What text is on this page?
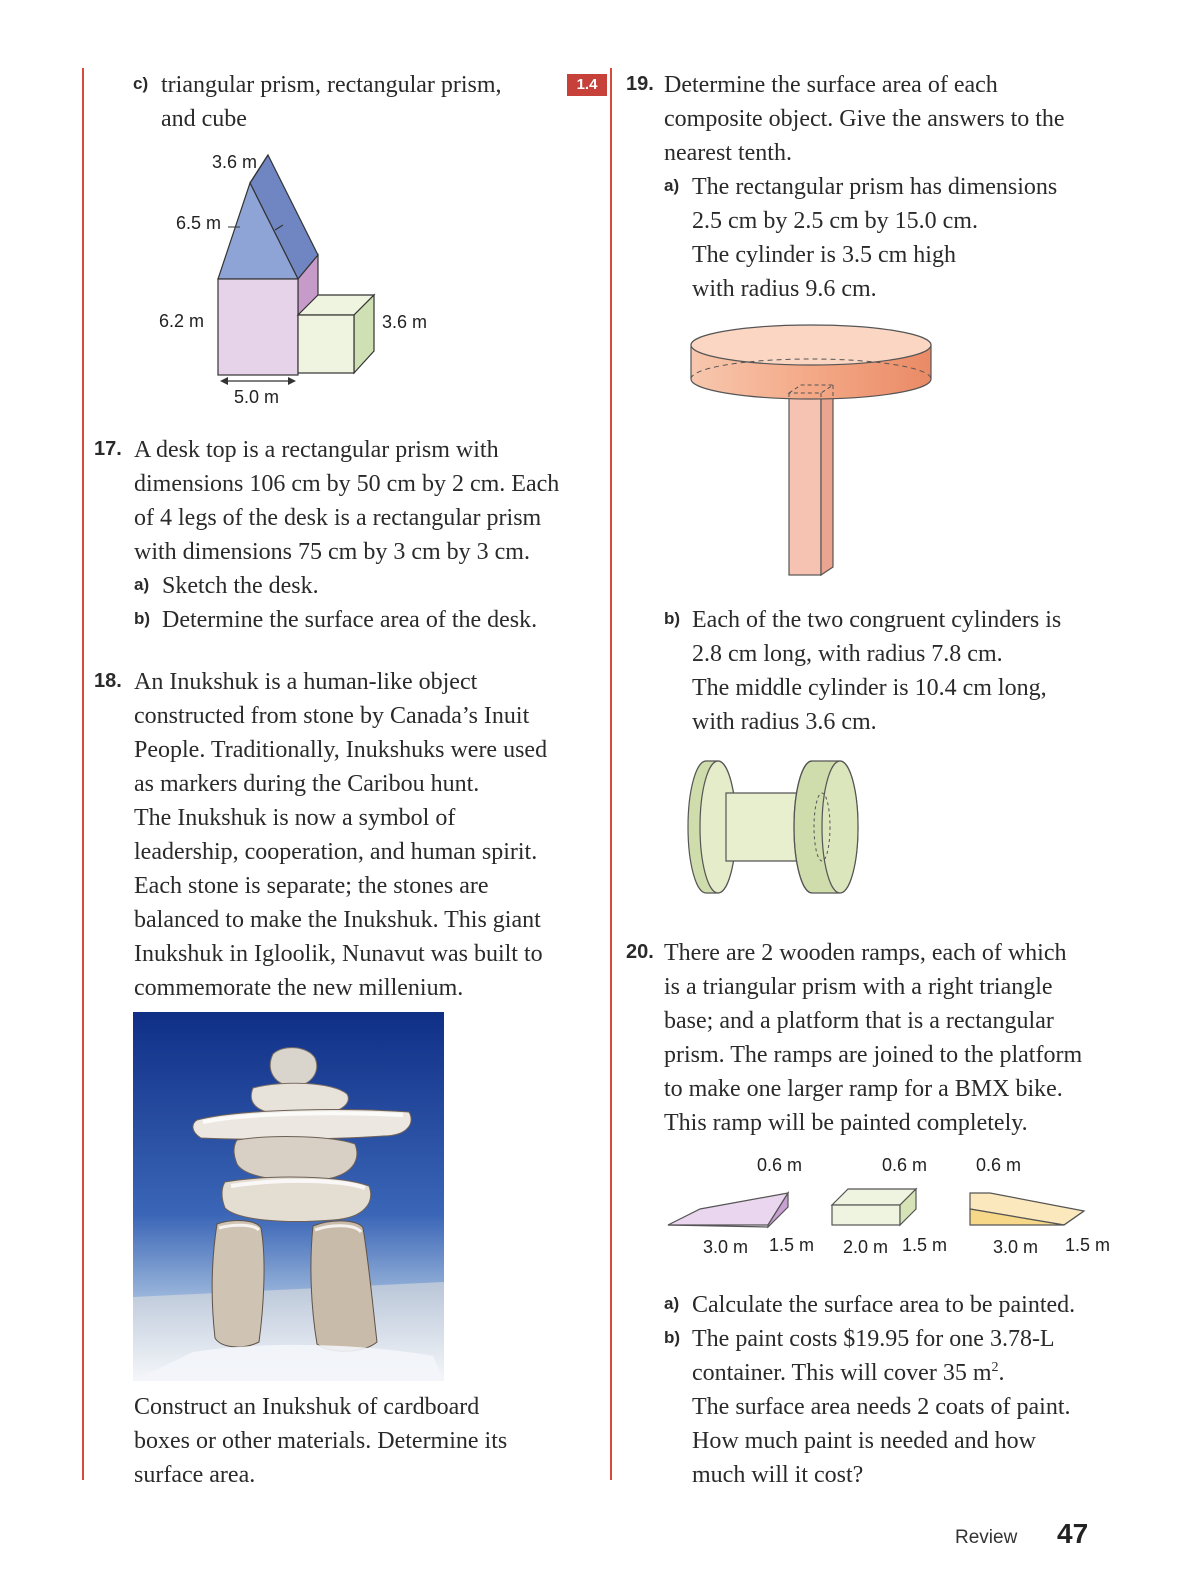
c) triangular prism, rectangular prism,
and cube
3.6 m
6.5 m
6.2 m	3.6 m
5.0 m
17. A desk top is a rectangular prism with
dimensions 106 cm by 50 cm by 2 cm. Each
of 4 legs of the desk is a rectangular prism
with dimensions 75 cm by 3 cm by 3 cm.
a) Sketch the desk.
b) Determine the surface area of the desk.
18. An Inukshuk is a human-like object
constructed from stone by Canada’s Inuit
People. Traditionally, Inukshuks were used
as markers during the Caribou hunt.
The Inukshuk is now a symbol of
leadership, cooperation, and human spirit.
Each stone is separate; the stones are
balanced to make the Inukshuk. This giant
Inukshuk in Igloolik, Nunavut was built to
commemorate the new millenium.
Construct an Inukshuk of cardboard
boxes or other materials. Determine its
surface area.
1.4	19. Determine the surface area of each
composite object. Give the answers to the
nearest tenth.
a) The rectangular prism has dimensions
2.5 cm by 2.5 cm by 15.0 cm.
The cylinder is 3.5 cm high
with radius 9.6 cm.
b) Each of the two congruent cylinders is
2.8 cm long, with radius 7.8 cm.
The middle cylinder is 10.4 cm long,
with radius 3.6 cm.
20. There are 2 wooden ramps, each of which
is a triangular prism with a right triangle
base; and a platform that is a rectangular
prism. The ramps are joined to the platform
to make one larger ramp for a BMX bike.
This ramp will be painted completely.
0.6 m
3.0 m 1.5 m
0.6 m
2.0 m 1.5 m
0.6 m
3.0 m 1.5 m
a) Calculate the surface area to be painted.
b) The paint costs $19.95 for one 3.78-L
container. This will cover 35 $m^2$.
The surface area needs 2 coats of paint.
How much paint is needed and how
much will it cost?
Review 47
